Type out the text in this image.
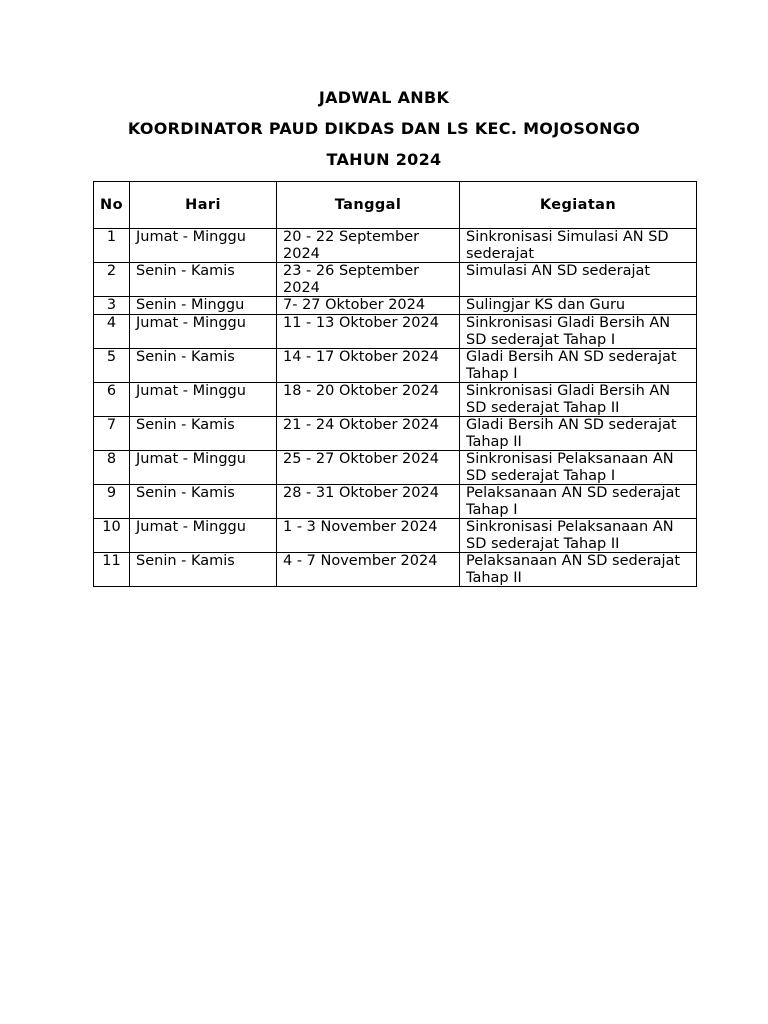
JADWAL ANBK
KOORDINATOR PAUD DIKDAS DAN LS KEC. MOJOSONGO
TAHUN 2024
No	Hari	Tanggal	Kegiatan
1	Jumat - Minggu	20 - 22 September 2024	Sinkronisasi Simulasi AN SD sederajat
2	Senin - Kamis	23 - 26 September 2024	Simulasi AN SD sederajat
3	Senin - Minggu	7- 27 Oktober 2024	Sulingjar KS dan Guru
4	Jumat - Minggu	11 - 13 Oktober 2024	Sinkronisasi Gladi Bersih AN SD sederajat Tahap I
5	Senin - Kamis	14 - 17 Oktober 2024	Gladi Bersih AN SD sederajat Tahap I
6	Jumat - Minggu	18 - 20 Oktober 2024	Sinkronisasi Gladi Bersih AN SD sederajat Tahap II
7	Senin - Kamis	21 - 24 Oktober 2024	Gladi Bersih AN SD sederajat Tahap II
8	Jumat - Minggu	25 - 27 Oktober 2024	Sinkronisasi Pelaksanaan AN SD sederajat Tahap I
9	Senin - Kamis	28 - 31 Oktober 2024	Pelaksanaan AN SD sederajat Tahap I
10	Jumat - Minggu	1 - 3 November 2024	Sinkronisasi Pelaksanaan AN SD sederajat Tahap II
11	Senin - Kamis	4 - 7 November 2024	Pelaksanaan AN SD sederajat Tahap II
